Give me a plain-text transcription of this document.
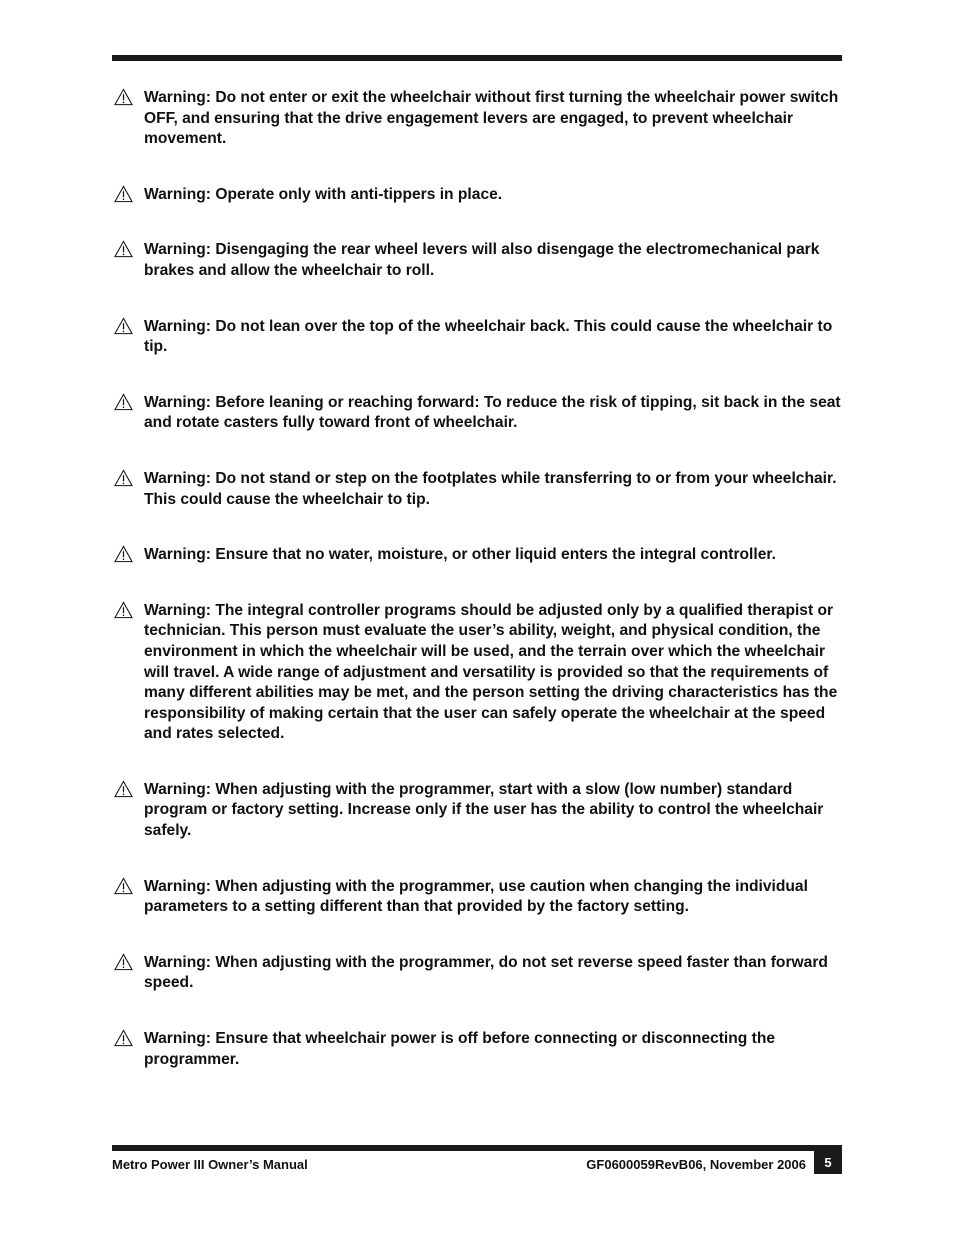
Warning: Do not enter or exit the wheelchair without first turning the wheelchair power switch OFF, and ensuring that the drive engagement levers are engaged, to prevent wheelchair movement.
Warning: Operate only with anti-tippers in place.
Warning: Disengaging the rear wheel levers will also disengage the electromechanical park brakes and allow the wheelchair to roll.
Warning: Do not lean over the top of the wheelchair back. This could cause the wheelchair to tip.
Warning: Before leaning or reaching forward: To reduce the risk of tipping, sit back in the seat and rotate casters fully toward front of wheelchair.
Warning: Do not stand or step on the footplates while transferring to or from your wheelchair. This could cause the wheelchair to tip.
Warning: Ensure that no water, moisture, or other liquid enters the integral controller.
Warning: The integral controller programs should be adjusted only by a qualified therapist or technician. This person must evaluate the user’s ability, weight, and physical condition, the environment in which the wheelchair will be used, and the terrain over which the wheelchair will travel. A wide range of adjustment and versatility is provided so that the requirements of many different abilities may be met, and the person setting the driving characteristics has the responsibility of making certain that the user can safely operate the wheelchair at the speed and rates selected.
Warning: When adjusting with the programmer, start with a slow (low number) standard program or factory setting. Increase only if the user has the ability to control the wheelchair safely.
Warning: When adjusting with the programmer, use caution when changing the individual parameters to a setting different than that provided by the factory setting.
Warning: When adjusting with the programmer, do not set reverse speed faster than forward speed.
Warning: Ensure that wheelchair power is off before connecting or disconnecting the programmer.
Metro Power III Owner’s Manual	GF0600059RevB06, November 2006	5
